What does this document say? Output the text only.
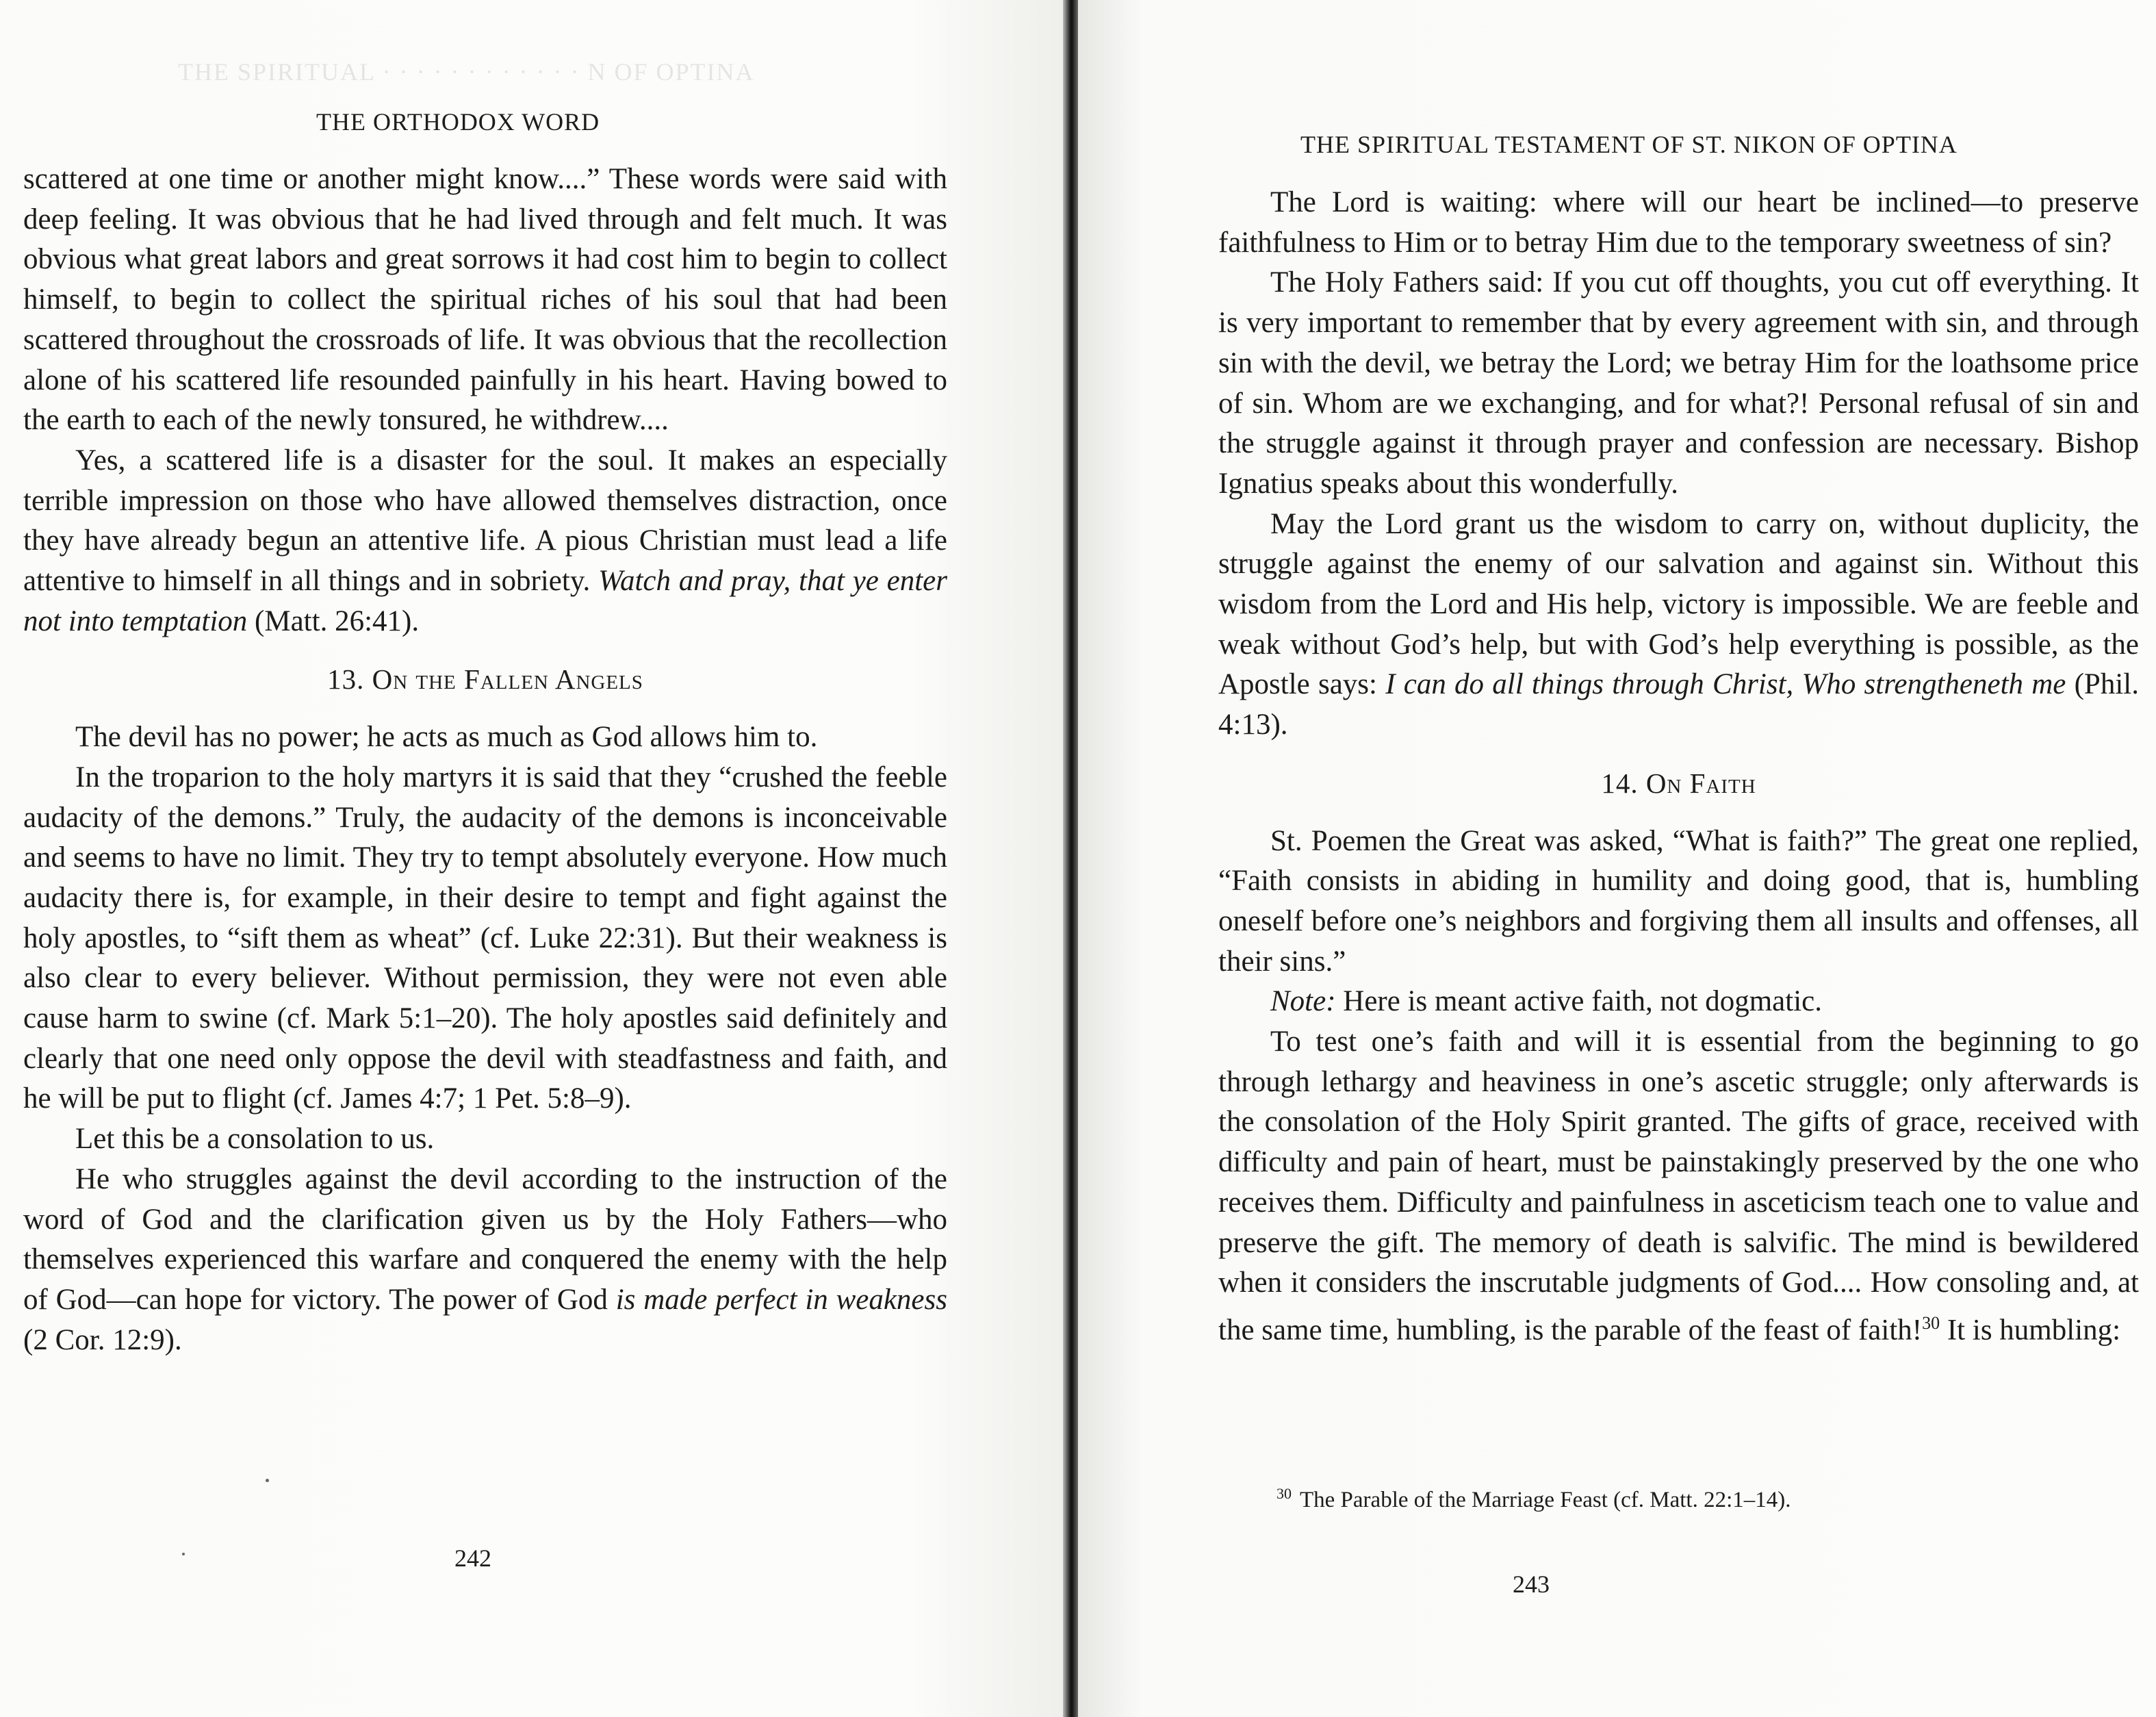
THE SPIRITUAL · · · · · · · · · · · · N OF OPTINA
THE ORTHODOX WORD

scattered at one time or another might know....” These words were said with deep feeling. It was obvious that he had lived through and felt much. It was obvious what great labors and great sorrows it had cost him to begin to collect himself, to begin to collect the spiritual riches of his soul that had been scattered throughout the crossroads of life. It was obvious that the recollection alone of his scattered life resounded painfully in his heart. Having bowed to the earth to each of the newly tonsured, he withdrew....

Yes, a scattered life is a disaster for the soul. It makes an especially terrible impression on those who have allowed themselves distraction, once they have already begun an attentive life. A pious Christian must lead a life attentive to himself in all things and in sobriety. Watch and pray, that ye enter not into temptation (Matt. 26:41).

13. On the Fallen Angels

The devil has no power; he acts as much as God allows him to.

In the troparion to the holy martyrs it is said that they “crushed the feeble audacity of the demons.” Truly, the audacity of the demons is inconceivable and seems to have no limit. They try to tempt absolutely everyone. How much audacity there is, for example, in their desire to tempt and fight against the holy apostles, to “sift them as wheat” (cf. Luke 22:31). But their weakness is also clear to every believer. Without permission, they were not even able cause harm to swine (cf. Mark 5:1–20). The holy apostles said definitely and clearly that one need only oppose the devil with steadfastness and faith, and he will be put to flight (cf. James 4:7; 1 Pet. 5:8–9).

Let this be a consolation to us.

He who struggles against the devil according to the instruction of the word of God and the clarification given us by the Holy Fathers—who themselves experienced this warfare and conquered the enemy with the help of God—can hope for victory. The power of God is made perfect in weakness (2 Cor. 12:9).

242
THE SPIRITUAL TESTAMENT OF ST. NIKON OF OPTINA

The Lord is waiting: where will our heart be inclined—to preserve faithfulness to Him or to betray Him due to the temporary sweetness of sin?

The Holy Fathers said: If you cut off thoughts, you cut off everything. It is very important to remember that by every agreement with sin, and through sin with the devil, we betray the Lord; we betray Him for the loathsome price of sin. Whom are we exchanging, and for what?! Personal refusal of sin and the struggle against it through prayer and confession are necessary. Bishop Ignatius speaks about this wonderfully.

May the Lord grant us the wisdom to carry on, without duplicity, the struggle against the enemy of our salvation and against sin. Without this wisdom from the Lord and His help, victory is impossible. We are feeble and weak without God’s help, but with God’s help everything is possible, as the Apostle says: I can do all things through Christ, Who strengtheneth me (Phil. 4:13).

14. On Faith

St. Poemen the Great was asked, “What is faith?” The great one replied, “Faith consists in abiding in humility and doing good, that is, humbling oneself before one’s neighbors and forgiving them all insults and offenses, all their sins.”

Note: Here is meant active faith, not dogmatic.

To test one’s faith and will it is essential from the beginning to go through lethargy and heaviness in one’s ascetic struggle; only afterwards is the consolation of the Holy Spirit granted. The gifts of grace, received with difficulty and pain of heart, must be painstakingly preserved by the one who receives them. Difficulty and painfulness in asceticism teach one to value and preserve the gift. The memory of death is salvific. The mind is bewildered when it considers the inscrutable judgments of God.... How consoling and, at the same time, humbling, is the parable of the feast of faith!$^{30}$ It is humbling:

$^{30}$ The Parable of the Marriage Feast (cf. Matt. 22:1–14).
243
